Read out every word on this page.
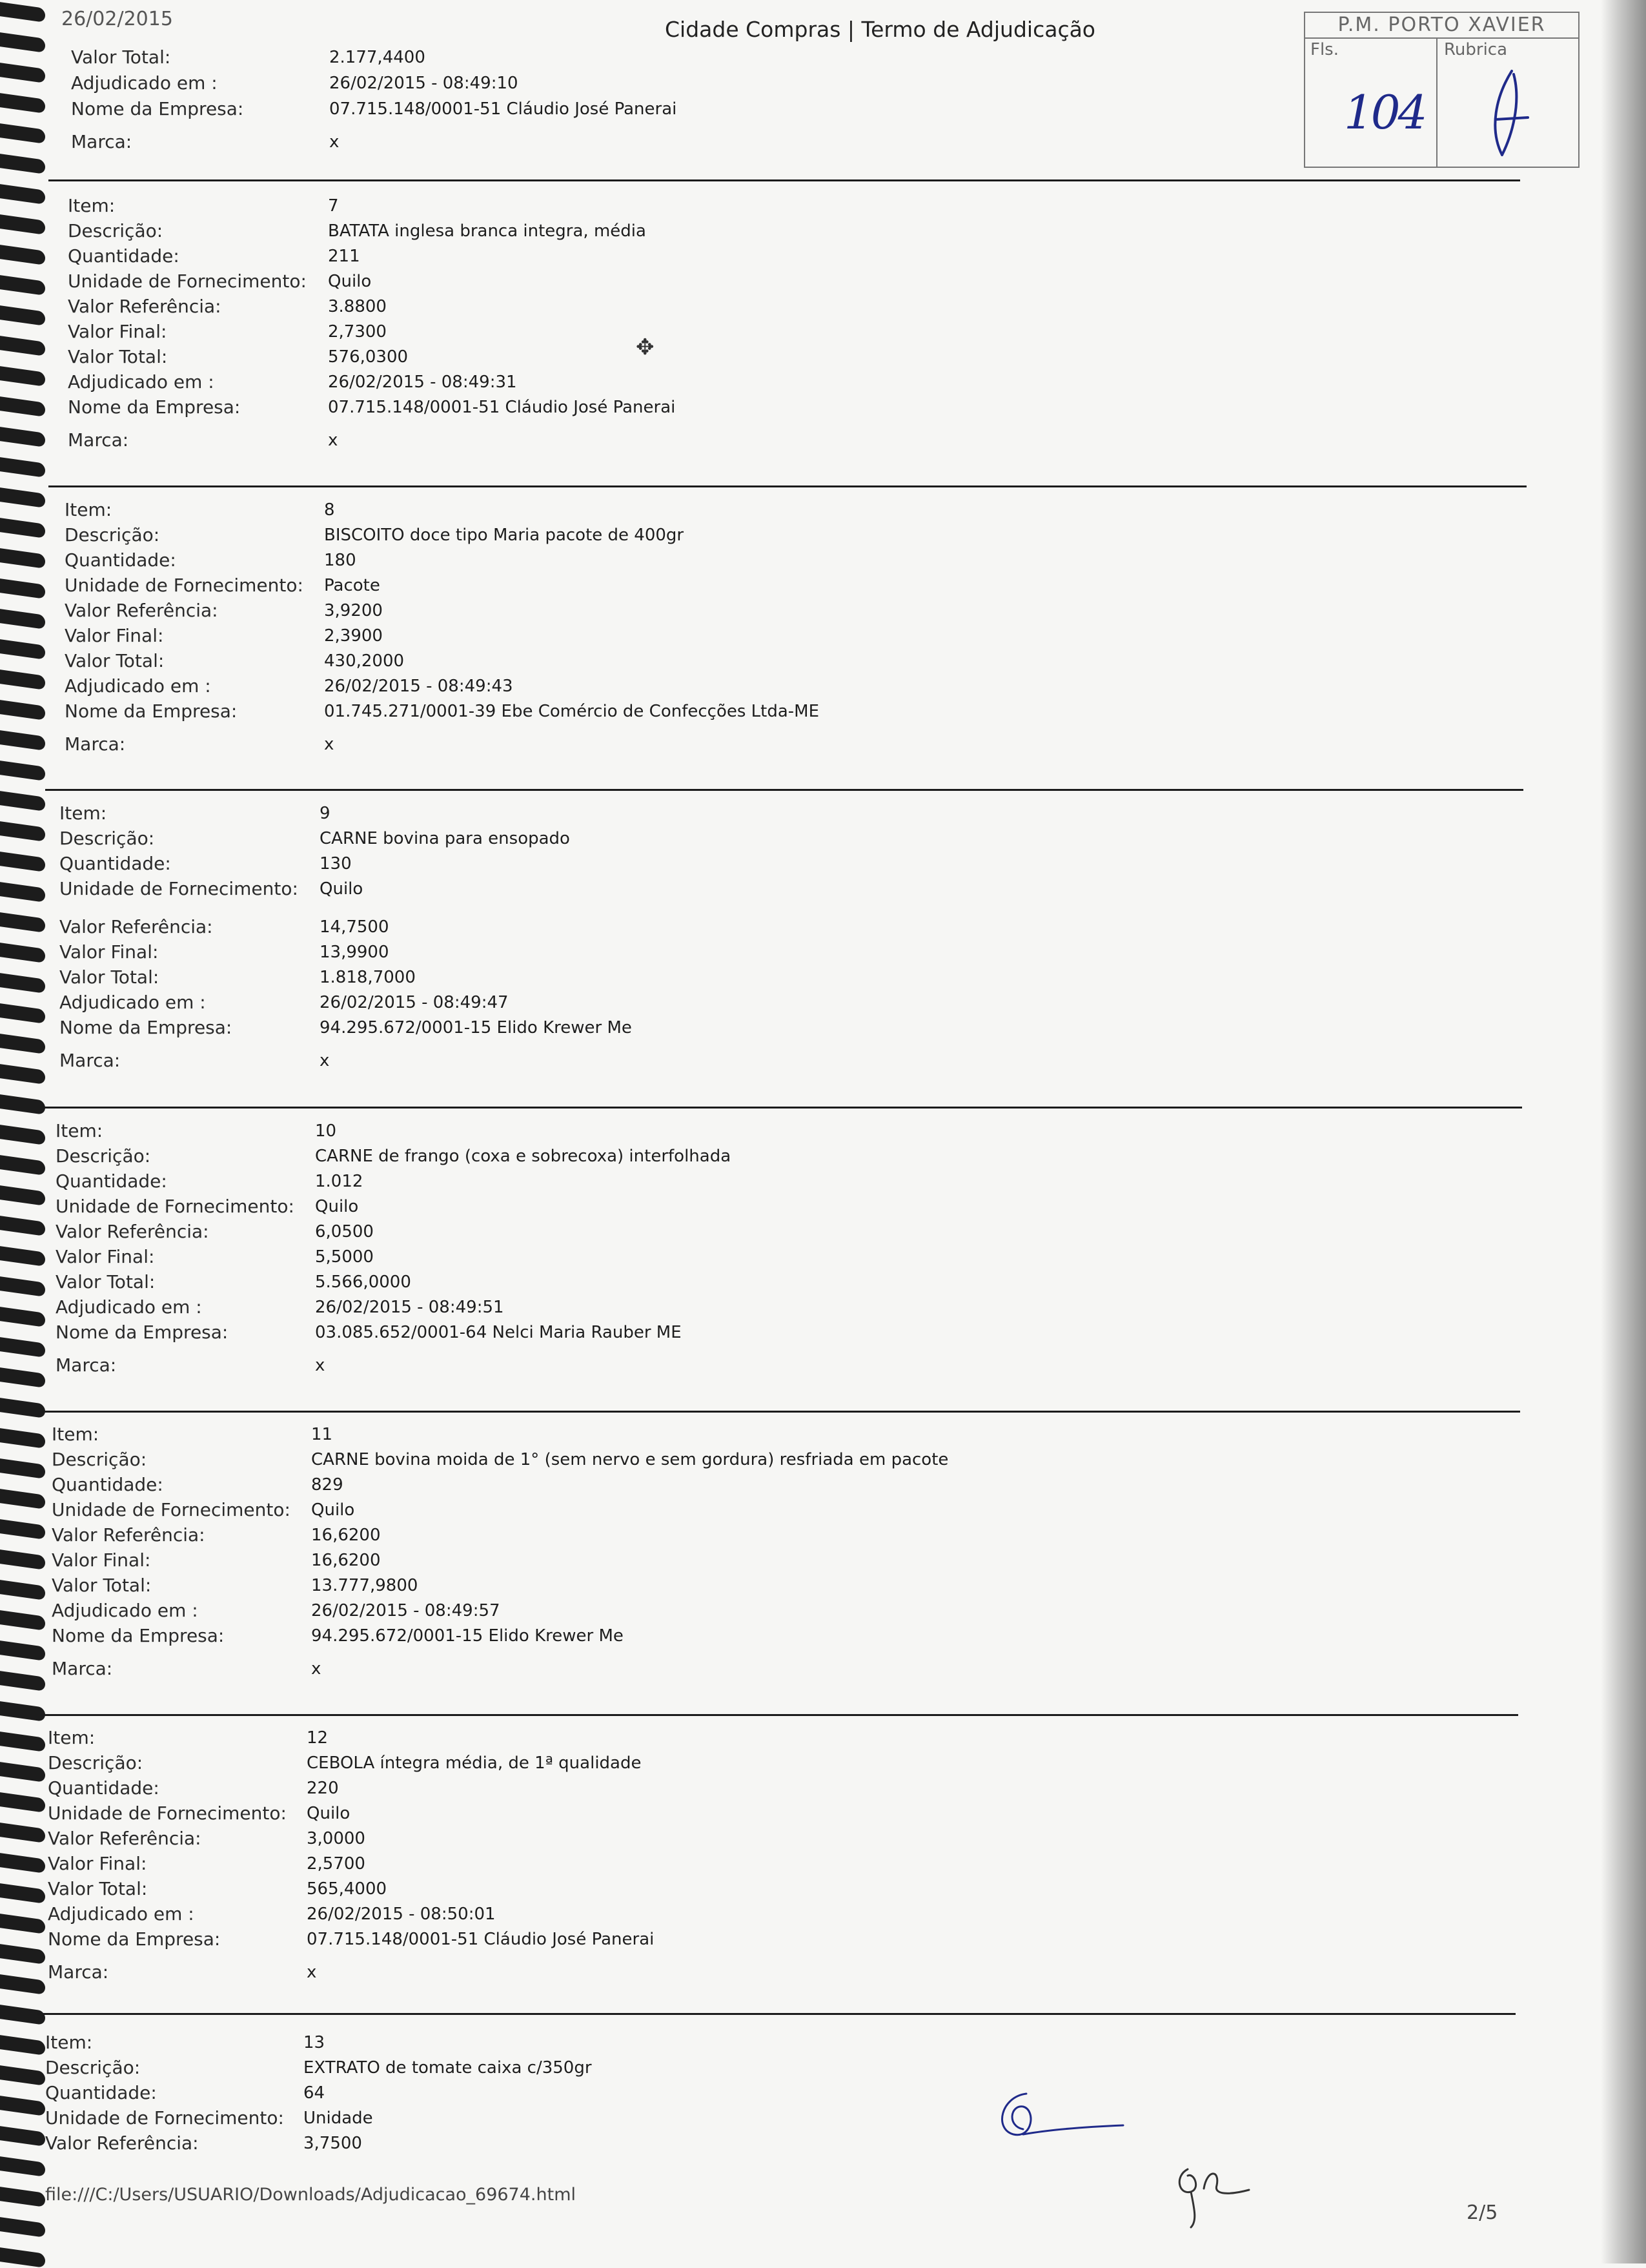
26/02/2015	Cidade Compras | Termo de Adjudicação	P.M. PORTO XAVIER
Fls.
104
Rubrica
Valor Total:	2.177,4400
Adjudicado em :	26/02/2015 - 08:49:10
Nome da Empresa:	07.715.148/0001-51 Cláudio José Panerai
Marca:	x
Item:	7
Descrição:	BATATA inglesa branca integra, média
Quantidade:	211
Unidade de Fornecimento: Quilo
Valor Referência:	3.8800
Valor Final:	2,7300
Valor Total:	576,0300
Adjudicado em :	26/02/2015 - 08:49:31
Nome da Empresa:	07.715.148/0001-51 Cláudio José Panerai
Marca:	x
Item:	8
Descrição:	BISCOITO doce tipo Maria pacote de 400gr
Quantidade:	180
Unidade de Fornecimento: Pacote
Valor Referência:	3,9200
Valor Final:	2,3900
Valor Total:	430,2000
Adjudicado em :	26/02/2015 - 08:49:43
Nome da Empresa:	01.745.271/0001-39 Ebe Comércio de Confecções Ltda-ME
Marca:	x
Item:	9
Descrição:	CARNE bovina para ensopado
Quantidade:	130
Unidade de Fornecimento: Quilo
Valor Referência:	14,7500
Valor Final:	13,9900
Valor Total:	1.818,7000
Adjudicado em :	26/02/2015 - 08:49:47
Nome da Empresa:	94.295.672/0001-15 Elido Krewer Me
Marca:	x
Item:	10
Descrição:	CARNE de frango (coxa e sobrecoxa) interfolhada
Quantidade:	1.012
Unidade de Fornecimento: Quilo
Valor Referência:	6,0500
Valor Final:	5,5000
Valor Total:	5.566,0000
Adjudicado em :	26/02/2015 - 08:49:51
Nome da Empresa:	03.085.652/0001-64 Nelci Maria Rauber ME
Marca:	x
Item:	11
Descrição:	CARNE bovina moida de 1° (sem nervo e sem gordura) resfriada em pacote
Quantidade:	829
Unidade de Fornecimento: Quilo
Valor Referência:	16,6200
Valor Final:	16,6200
Valor Total:	13.777,9800
Adjudicado em :	26/02/2015 - 08:49:57
Nome da Empresa:	94.295.672/0001-15 Elido Krewer Me
Marca:	x
Item:	12
Descrição:	CEBOLA íntegra média, de 1ª qualidade
Quantidade:	220
Unidade de Fornecimento: Quilo
Valor Referência:	3,0000
Valor Final:	2,5700
Valor Total:	565,4000
Adjudicado em :	26/02/2015 - 08:50:01
Nome da Empresa:	07.715.148/0001-51 Cláudio José Panerai
Marca:	x
Item:	13
Descrição:	EXTRATO de tomate caixa c/350gr
Quantidade:	64
Unidade de Fornecimento: Unidade
Valor Referência:	3,7500
✥
file:///C:/Users/USUARIO/Downloads/Adjudicacao_69674.html
2/5
